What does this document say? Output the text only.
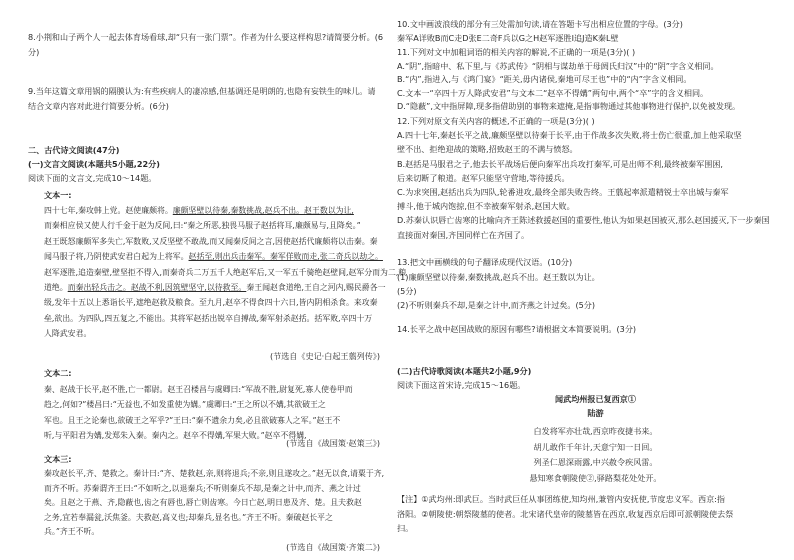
8.小荆和山子两个人一起去体育场看球,却“只有一张门票”。作者为什么要这样构思?请简要分析。(6
分)
9.当年这篇文章用锅的隔膜认为:有些疾病人的凄凉感,但基调还是明朗的,也隐有妄铁生的味儿。请
结合文章内容对此进行简要分析。(6分)
二、古代诗文阅读(47分)
(一)文言文阅读(本题共5小题,22分)
阅读下面的文言文,完成10～14题。
文本一:
四十七年,秦攻韩上党。赵使廉颇将。廉颇坚壁以待秦,秦数挑战,赵兵不出。赵王数以为让,
而秦相应侯又使人行千金于赵为反间,曰:“秦之所恶,独畏马服子赵括将耳,廉颇易与,且降矣。”
赵王既怒廉颇军多失亡,军数败,又反坚壁不敢战,而又闻秦反间之言,因使赵括代廉颇将以击秦。秦
闻马服子将,乃阴使武安君白起为上将军。赵括至,则出兵击秦军。秦军佯败而走,张二奇兵以劫之。
赵军逐胜,追造秦壁,壁坚拒不得入,而秦奇兵二万五千人绝赵军后,又一军五千骑绝赵壁间,赵军分而为二,粮
道绝。而秦出轻兵击之。赵战不利,因筑壁坚守,以待救至。秦王闻赵食道绝,王自之河内,赐民爵各一
级,发年十五以上悉诣长平,遮绝赵救及粮食。至九月,赵卒不得食四十六日,皆内阴相杀食。来攻秦
垒,欲出。为四队,四五复之,不能出。其将军赵括出锐卒自搏战,秦军射杀赵括。括军败,卒四十万
人降武安君。
(节选自《史记·白起王翦列传》)
文本二:
秦、赵战于长平,赵不胜,亡一都尉。赵王召楼昌与虞卿曰:“军战不胜,尉复死,寡人使卷甲而
趋之,何如?”楼昌曰:“无益也,不如发重使为媾。”虞卿曰:“王之所以不媾,其欲破王之
军也。且王之论秦也,欲破王之军乎?”王曰:“秦不遗余力矣,必且欲破寡人之军。”赵王不
听,与平阳君为媾,发郑朱入秦。秦内之。赵卒不得媾,军果大败。”赵卒不得媾,
(节选自《战国策·赵策三》)
文本三:
秦攻赵长平,齐、楚救之。秦计曰:“齐、楚救赵,亲,则将退兵;不亲,则且遂攻之。”赵无以食,请粟于齐,
而齐不听。苏秦谓齐王曰:“不如听之,以退秦兵;不听则秦兵不却,是秦之计中,而齐、燕之计过
矣。且赵之于燕、齐,隐蔽也,齿之有唇也,唇亡则齿寒。今日亡赵,明日患及齐、楚。且夫救赵
之务,宜若奉漏瓮,沃焦釜。夫救赵,高义也;却秦兵,显名也。”齐王不听。秦破赵长平之
兵。”齐王不听。
(节选自《战国策·齐策二》)
10.文中画波浪线的部分有三处需加句读,请在答题卡写出相应位置的字母。(3分)
秦军A详败B而C走D张E二奇F兵以G之H赵军逐胜I追J造K秦L壁
11.下列对文中加粗词语的相关内容的解说,不正确的一项是(3分)( )
A.“阴”,指暗中、私下里,与《苏武传》“阴相与谋劫单于母阏氏归汉”中的“阴”字含义相同。
B.“内”,指进入,与《鸿门宴》“距关,毋内诸侯,秦地可尽王也”中的“内”字含义相同。
C.文本一“卒四十万人降武安君”与文本二“赵卒不得媾”两句中,两个“卒”字的含义相同。
D.“隐蔽”,文中指屏障,现多指借助别的事物来遮掩,是指事物通过其他事物进行保护,以免被发现。
12.下列对原文有关内容的概述,不正确的一项是(3分)( )
A.四十七年,秦赵长平之战,廉颇坚壁以待秦于长平,由于作战多次失败,将士伤亡很重,加上他采取坚
壁不出、拒绝迎战的策略,招致赵王的不满与愤怒。
B.赵括是马服君之子,他去长平战场后便向秦军出兵攻打秦军,可是出师不利,最终被秦军围困,
后来切断了粮道。赵军只能坚守营地,等待援兵。
C.为求突围,赵括出兵为四队,轮番进攻,最终全部失败告终。王翦起率派遣精锐士卒出城与秦军
搏斗,他于城内饱掠,但不幸被秦军射杀,赵国大败。
D.苏秦认识唇亡齿寒的比喻向齐王陈述救援赵国的重要性,他认为如果赵国被灭,那么赵国援灭,下一步秦国
直接面对秦国,齐国同样亡在齐国了。
13.把文中画横线的句子翻译成现代汉语。(10分)
(1)廉颇坚壁以待秦,秦数挑战,赵兵不出。赵王数以为让。
(5分)
(2)不听则秦兵不却,是秦之计中,而齐燕之计过矣。(5分)
14.长平之战中赵国战败的原因有哪些?请根据文本简要说明。(3分)
(二)古代诗歌阅读(本题共2小题,9分)
阅读下面这首宋诗,完成15～16题。
闻武均州报已复西京①
陆游
白发将军亦壮哉,西京昨夜捷书来。
胡儿敢作千年计,天意宁知一日回。
列圣仁恩深雨露,中兴赦令疾风雷。
悬知寒食朝陵使②,驿路梨花处处开。
【注】①武均州:即武巨。当时武巨任从事团练使,知均州,兼管内安抚使,节度忠义军。西京:指
洛阳。②朝陵使:朝祭陵墓的使者。北宋诸代皇帝的陵墓皆在西京,收复西京后即可派朝陵使去祭
扫。
